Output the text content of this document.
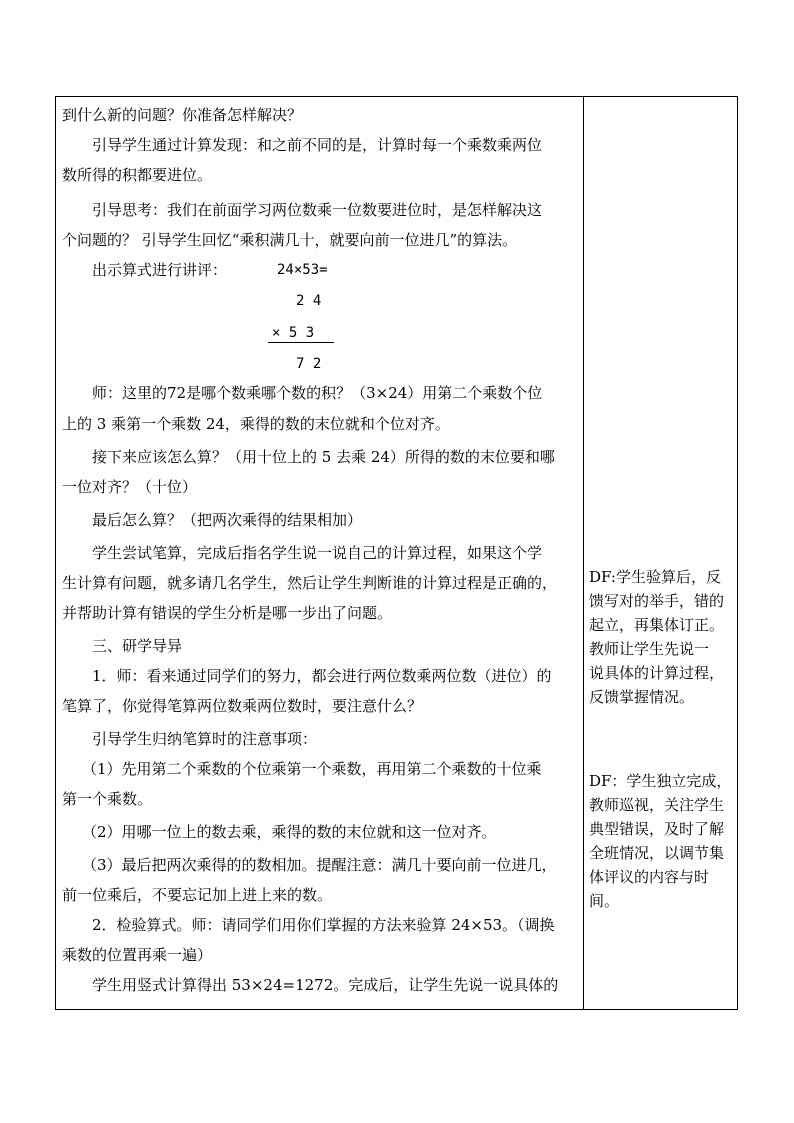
到什么新的问题？你准备怎样解决？
引导学生通过计算发现：和之前不同的是，计算时每一个乘数乘两位
数所得的积都要进位。
引导思考：我们在前面学习两位数乘一位数要进位时，是怎样解决这
个问题的？ 引导学生回忆“乘积满几十，就要向前一位进几”的算法。
出示算式进行讲评：
师：这里的72是哪个数乘哪个数的积？（3×24）用第二个乘数个位
上的 3 乘第一个乘数 24，乘得的数的末位就和个位对齐。
接下来应该怎么算？（用十位上的 5 去乘 24）所得的数的末位要和哪
一位对齐？（十位）
最后怎么算？（把两次乘得的结果相加）
学生尝试笔算，完成后指名学生说一说自己的计算过程，如果这个学
生计算有问题，就多请几名学生，然后让学生判断谁的计算过程是正确的，
并帮助计算有错误的学生分析是哪一步出了问题。
三、研学导异
1．师：看来通过同学们的努力，都会进行两位数乘两位数（进位）的
笔算了，你觉得笔算两位数乘两位数时，要注意什么？
引导学生归纳笔算时的注意事项：
（1）先用第二个乘数的个位乘第一个乘数，再用第二个乘数的十位乘
第一个乘数。
（2）用哪一位上的数去乘，乘得的数的末位就和这一位对齐。
（3）最后把两次乘得的的数相加。提醒注意：满几十要向前一位进几，
前一位乘后，不要忘记加上进上来的数。
2．检验算式。师：请同学们用你们掌握的方法来验算 24×53。（调换
乘数的位置再乘一遍）
学生用竖式计算得出 53×24=1272。完成后，让学生先说一说具体的
DF:学生验算后，反
馈写对的举手，错的
起立，再集体订正。
教师让学生先说一
说具体的计算过程，
反馈掌握情况。
DF：学生独立完成，
教师巡视，关注学生
典型错误，及时了解
全班情况，以调节集
体评议的内容与时
间。
24×53=
2 4
× 5 3
7 2
